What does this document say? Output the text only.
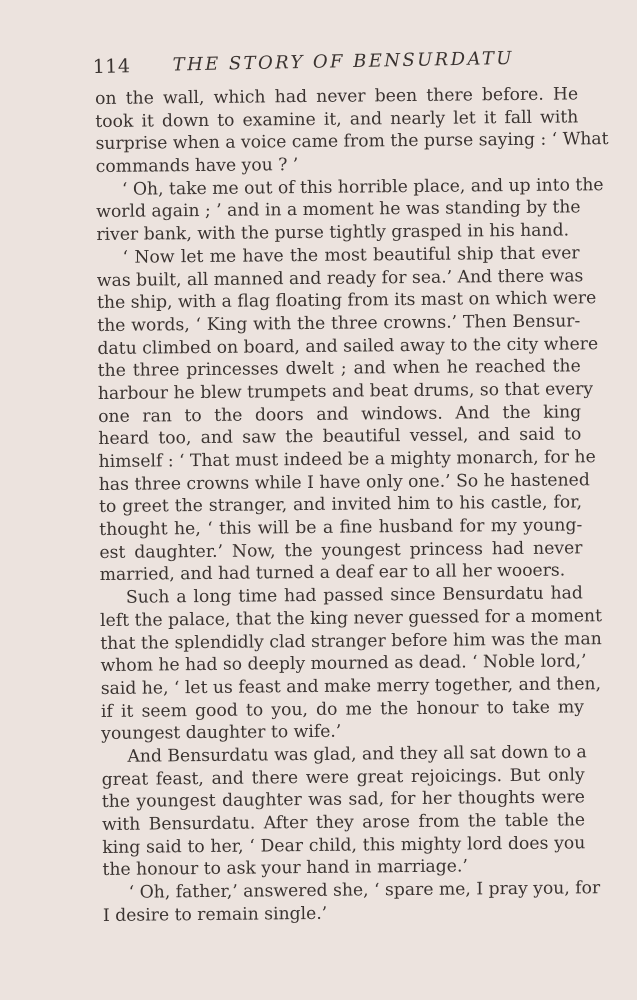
114 THE STORY OF BENSURDATU
on the wall, which had never been there before. He
took it down to examine it, and nearly let it fall with
surprise when a voice came from the purse saying : ‘ What
commands have you ? ’
‘ Oh, take me out of this horrible place, and up into the
world again ; ’ and in a moment he was standing by the
river bank, with the purse tightly grasped in his hand.
‘ Now let me have the most beautiful ship that ever
was built, all manned and ready for sea.’ And there was
the ship, with a flag floating from its mast on which were
the words, ‘ King with the three crowns.’ Then Bensur-
datu climbed on board, and sailed away to the city where
the three princesses dwelt ; and when he reached the
harbour he blew trumpets and beat drums, so that every
one ran to the doors and windows. And the king
heard too, and saw the beautiful vessel, and said to
himself : ‘ That must indeed be a mighty monarch, for he
has three crowns while I have only one.’ So he hastened
to greet the stranger, and invited him to his castle, for,
thought he, ‘ this will be a fine husband for my young-
est daughter.’ Now, the youngest princess had never
married, and had turned a deaf ear to all her wooers.
Such a long time had passed since Bensurdatu had
left the palace, that the king never guessed for a moment
that the splendidly clad stranger before him was the man
whom he had so deeply mourned as dead. ‘ Noble lord,’
said he, ‘ let us feast and make merry together, and then,
if it seem good to you, do me the honour to take my
youngest daughter to wife.’
And Bensurdatu was glad, and they all sat down to a
great feast, and there were great rejoicings. But only
the youngest daughter was sad, for her thoughts were
with Bensurdatu. After they arose from the table the
king said to her, ‘ Dear child, this mighty lord does you
the honour to ask your hand in marriage.’
‘ Oh, father,’ answered she, ‘ spare me, I pray you, for
I desire to remain single.’
